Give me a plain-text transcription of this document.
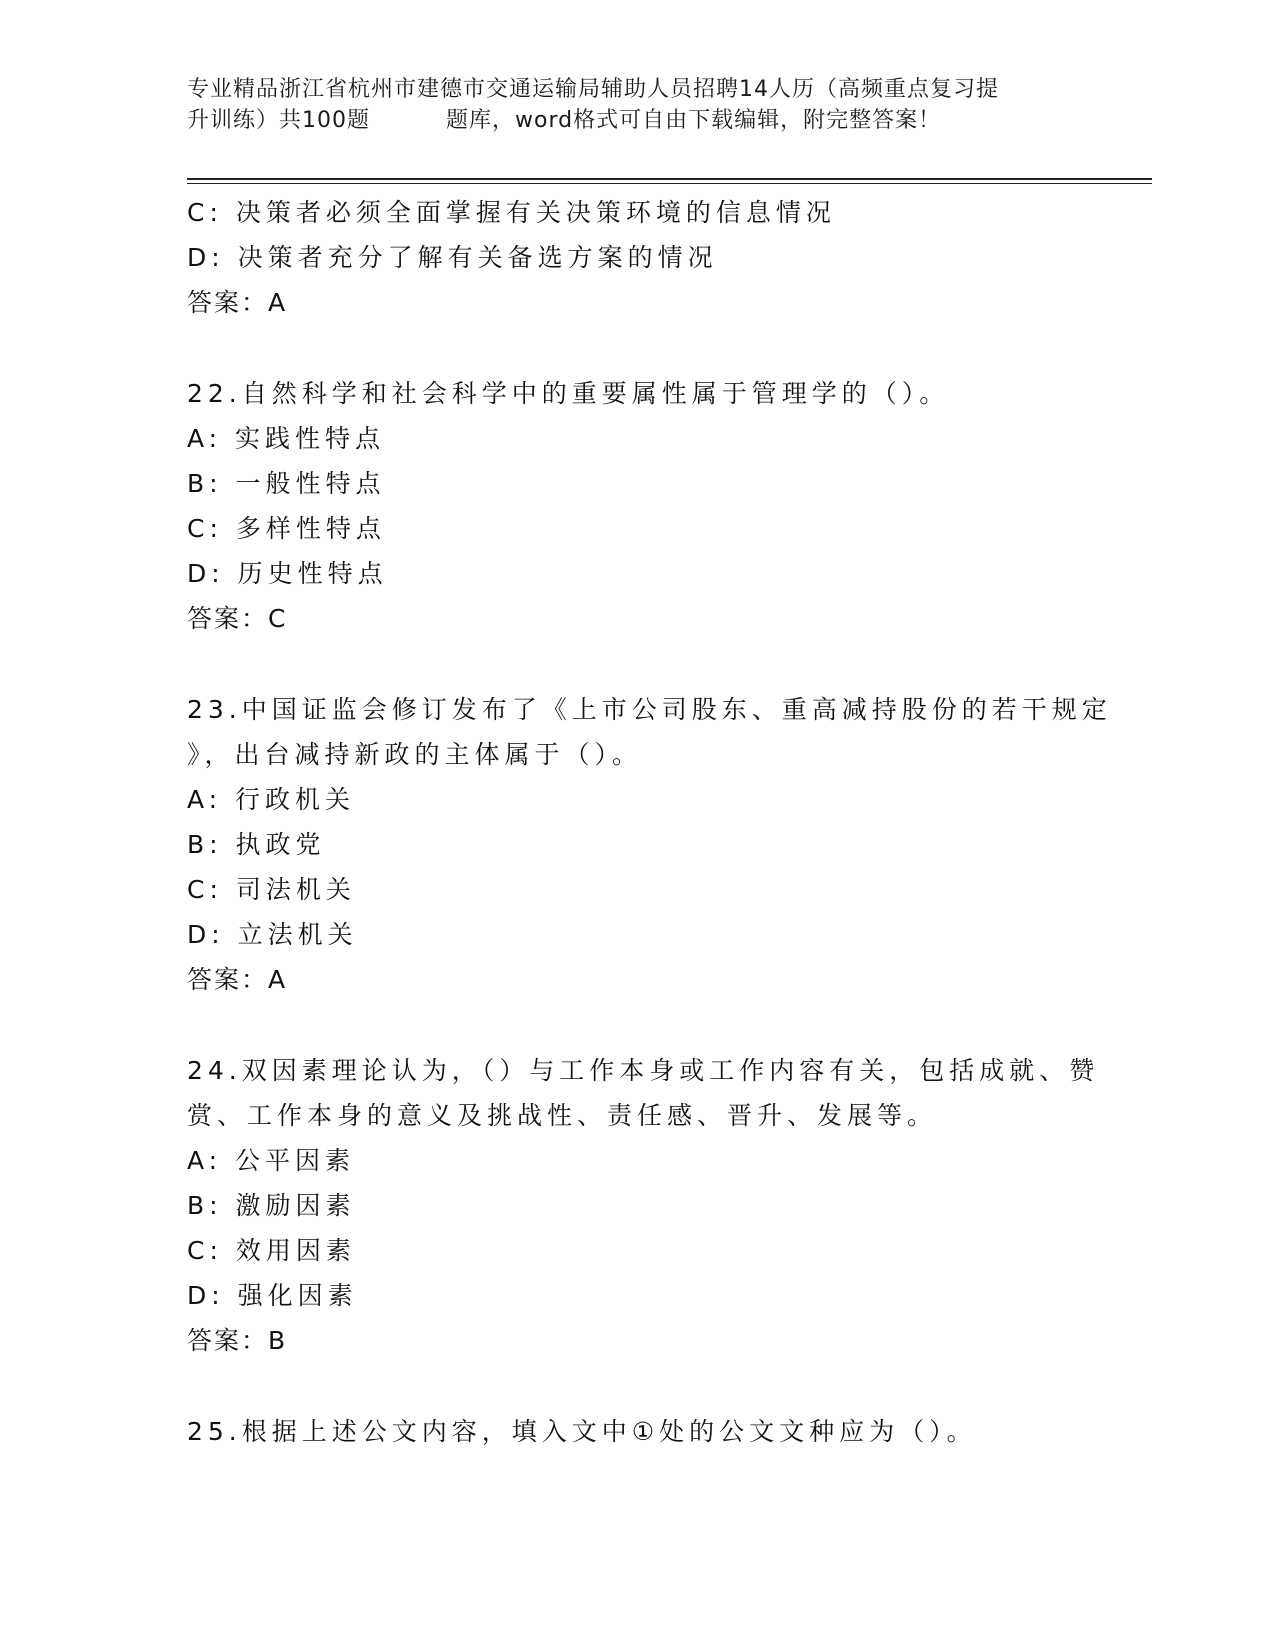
专业精品浙江省杭州市建德市交通运输局辅助人员招聘14人历（高频重点复习提
升训练）共100题	题库，word格式可自由下载编辑，附完整答案！
C: 决策者必须全面掌握有关决策环境的信息情况
D: 决策者充分了解有关备选方案的情况
答案：A
22.自然科学和社会科学中的重要属性属于管理学的（）。
A: 实践性特点
B: 一般性特点
C: 多样性特点
D: 历史性特点
答案：C
23.中国证监会修订发布了《上市公司股东、重高减持股份的若干规定
》，出台减持新政的主体属于（）。
A: 行政机关
B: 执政党
C: 司法机关
D: 立法机关
答案：A
24.双因素理论认为，（）与工作本身或工作内容有关，包括成就、赞
赏、工作本身的意义及挑战性、责任感、晋升、发展等。
A: 公平因素
B: 激励因素
C: 效用因素
D: 强化因素
答案：B
25.根据上述公文内容，填入文中①处的公文文种应为（）。
